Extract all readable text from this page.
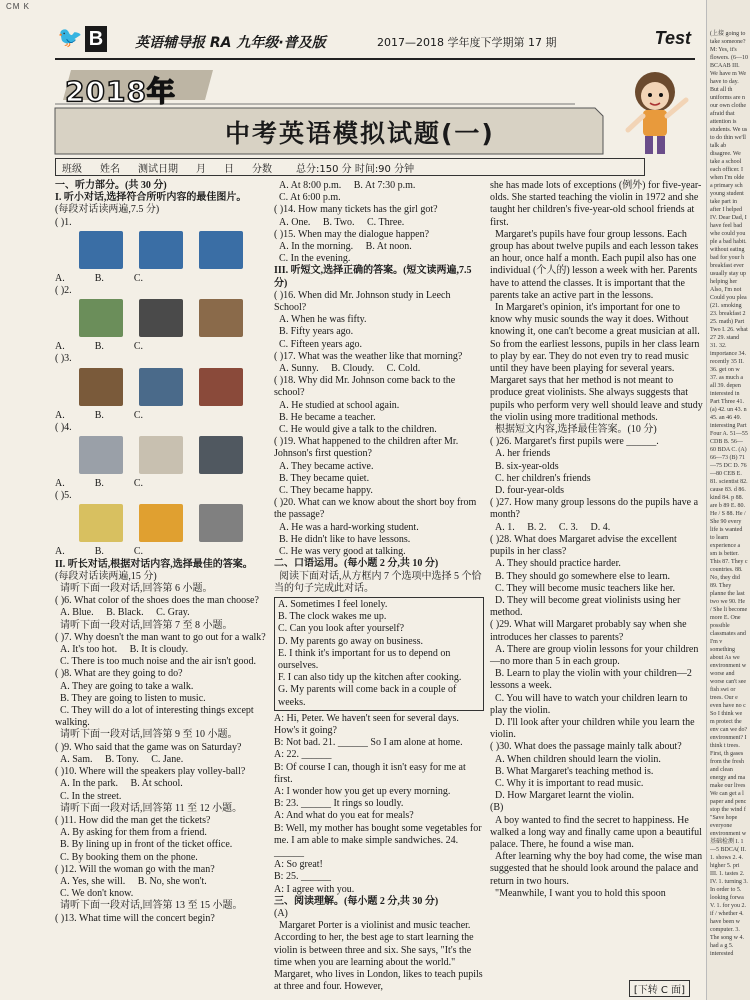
CM K
🐦 B 英语辅导报 RA 九年级·普及版	2017—2018 学年度下学期第 17 期	Test
2018年
中考英语模拟试题(一)
班级 姓名 测试日期 月 日 分数 总分:150 分 时间:90 分钟
一、听力部分。(共 30 分)
I. 听小对话,选择符合所听内容的最佳图片。
(每段对话读两遍,7.5 分)
( )1.
A.            B.            C.
( )2.
A.            B.            C.
( )3.
A.            B.            C.
( )4.
A.            B.            C.
( )5.
A.            B.            C.
II. 听长对话,根据对话内容,选择最佳的答案。
(每段对话读两遍,15 分)
请听下面一段对话,回答第 6 小题。
( )6. What color of the shoes does the man choose?
A. Blue.     B. Black.     C. Gray.
请听下面一段对话,回答第 7 至 8 小题。
( )7. Why doesn't the man want to go out for a walk?
A. It's too hot.     B. It is cloudy.
C. There is too much noise and the air isn't good.
( )8. What are they going to do?
A. They are going to take a walk.
B. They are going to listen to music.
C. They will do a lot of interesting things except walking.
请听下面一段对话,回答第 9 至 10 小题。
( )9. Who said that the game was on Saturday?
A. Sam.     B. Tony.     C. Jane.
( )10. Where will the speakers play volley-ball?
A. In the park.     B. At school.
C. In the street.
请听下面一段对话,回答第 11 至 12 小题。
( )11. How did the man get the tickets?
A. By asking for them from a friend.
B. By lining up in front of the ticket office.
C. By booking them on the phone.
( )12. Will the woman go with the man?
A. Yes, she will.     B. No, she won't.
C. We don't know.
请听下面一段对话,回答第 13 至 15 小题。
( )13. What time will the concert begin?
A. At 8:00 p.m.     B. At 7:30 p.m.
C. At 6:00 p.m.
( )14. How many tickets has the girl got?
A. One.     B. Two.     C. Three.
( )15. When may the dialogue happen?
A. In the morning.     B. At noon.
C. In the evening.
III. 听短文,选择正确的答案。(短文读两遍,7.5 分)
( )16. When did Mr. Johnson study in Leech School?
A. When he was fifty.
B. Fifty years ago.
C. Fifteen years ago.
( )17. What was the weather like that morning?
A. Sunny.     B. Cloudy.     C. Cold.
( )18. Why did Mr. Johnson come back to the school?
A. He studied at school again.
B. He became a teacher.
C. He would give a talk to the children.
( )19. What happened to the children after Mr. Johnson's first question?
A. They became active.
B. They became quiet.
C. They became happy.
( )20. What can we know about the short boy from the passage?
A. He was a hard-working student.
B. He didn't like to have lessons.
C. He was very good at talking.
二、口语运用。(每小题 2 分,共 10 分)
阅读下面对话,从方框内 7 个选项中选择 5 个恰当的句子完成此对话。
A. Sometimes I feel lonely.
B. The clock wakes me up.
C. Can you look after yourself?
D. My parents go away on business.
E. I think it's important for us to depend on ourselves.
F. I can also tidy up the kitchen after cooking.
G. My parents will come back in a couple of weeks.
A: Hi, Peter. We haven't seen for several days. How's it going?
B: Not bad. 21. ______ So I am alone at home.
A: 22. ______
B: Of course I can, though it isn't easy for me at first.
A: I wonder how you get up every morning.
B: 23. ______ It rings so loudly.
A: And what do you eat for meals?
B: Well, my mother has bought some vegetables for me. I am able to make simple sandwiches. 24. ______
A: So great!
B: 25. ______
A: I agree with you.
三、阅读理解。(每小题 2 分,共 30 分)
(A)
Margaret Porter is a violinist and music teacher. According to her, the best age to start learning the violin is between three and six. She says, "It's the time when you are learning about the world." Margaret, who lives in London, likes to teach pupils at three and four. However,
she has made lots of exceptions (例外) for five-year-olds. She started teaching the violin in 1972 and she taught her children's five-year-old school friends at first.
Margaret's pupils have four group lessons. Each group has about twelve pupils and each lesson takes an hour, once half a month. Each pupil also has one individual (个人的) lesson a week with her. Parents have to attend the classes. It is important that the parents take an active part in the lessons.
In Margaret's opinion, it's important for one to know why music sounds the way it does. Without knowing it, one can't become a great musician at all. So from the earliest lessons, pupils in her class learn to play by ear. They do not even try to read music until they have been playing for several years. Margaret says that her method is not meant to produce great violinists. She always suggests that pupils who perform very well should leave and study the violin using more traditional methods.
根据短文内容,选择最佳答案。(10 分)
( )26. Margaret's first pupils were ______.
A. her friends
B. six-year-olds
C. her children's friends
D. four-year-olds
( )27. How many group lessons do the pupils have a month?
A. 1.     B. 2.     C. 3.     D. 4.
( )28. What does Margaret advise the excellent pupils in her class?
A. They should practice harder.
B. They should go somewhere else to learn.
C. They will become music teachers like her.
D. They will become great violinists using her method.
( )29. What will Margaret probably say when she introduces her classes to parents?
A. There are group violin lessons for your children—no more than 5 in each group.
B. Learn to play the violin with your children—2 lessons a week.
C. You will have to watch your children learn to play the violin.
D. I'll look after your children while you learn the violin.
( )30. What does the passage mainly talk about?
A. When children should learn the violin.
B. What Margaret's teaching method is.
C. Why it is important to read music.
D. How Margaret learnt the violin.
(B)
A boy wanted to find the secret to happiness. He walked a long way and finally came upon a beautiful palace. There, he found a wise man.
After learning why the boy had come, the wise man suggested that he should look around the palace and return in two hours.
"Meanwhile, I want you to hold this spoon
(上接 going to take someone? M: Yes, it's flowers. (6—10 BCAAB III. We have m We have to day. But all th uniforms are n our own clothe afraid that attention is students. We us to do thin we'll talk ab disagree. We take a school each officer. I when I'm olde a primary sch young student take part in after I helped IV. Dear Dad, I have feel bad whe could you ple a bad habit. without eating bad for your h breakfast ever usually stay up helping her Also, I'm not Could you plea (21. smoking 23. breakfast 2 25. math) Part Two I. 26. what 27 29. stand 31. 32. importance 34. recently 35 II. 36. get on w 37. as much a all 39. depen interested in Part Three 41. (a) 42. un 43. n 45. an 46 49. interesting Part Four A. 51—55 CDB B. 56—60 BDA C. (A) 66—73 (B) 71—75 DC D. 76—80 CEB E. 81. scientist 82. cause 83. d 86. kind 84. p 88. are b 89 E. 80. He / S 88. He / She 90 every life is wanted to learn experience a sm is better. This 87. They c countries. 88. No, they did 89. They planne the last two we 90. He / She li become more E. One possible classmates and I'm v something about As we environment w worse and worse can't see fish swi or trees. Our e even have no c So I think we m protect the env can we do? environment? I think t trees. First, th gases from the fresh and clean energy and ma make our lives We can get a l paper and penc stop the wind f "Save hope everyone environment w 基础检测 I. 1—5 BDCA( II. 1. shows 2. 4. higher 5. pri III. 1. tastes 2. IV. 1. turning 3. In order to 5. looking forwa V. 1. for you 2. if / whether 4. have been w computer. 3. The song w 4. had a g 5. interested
[下转 C 面]
